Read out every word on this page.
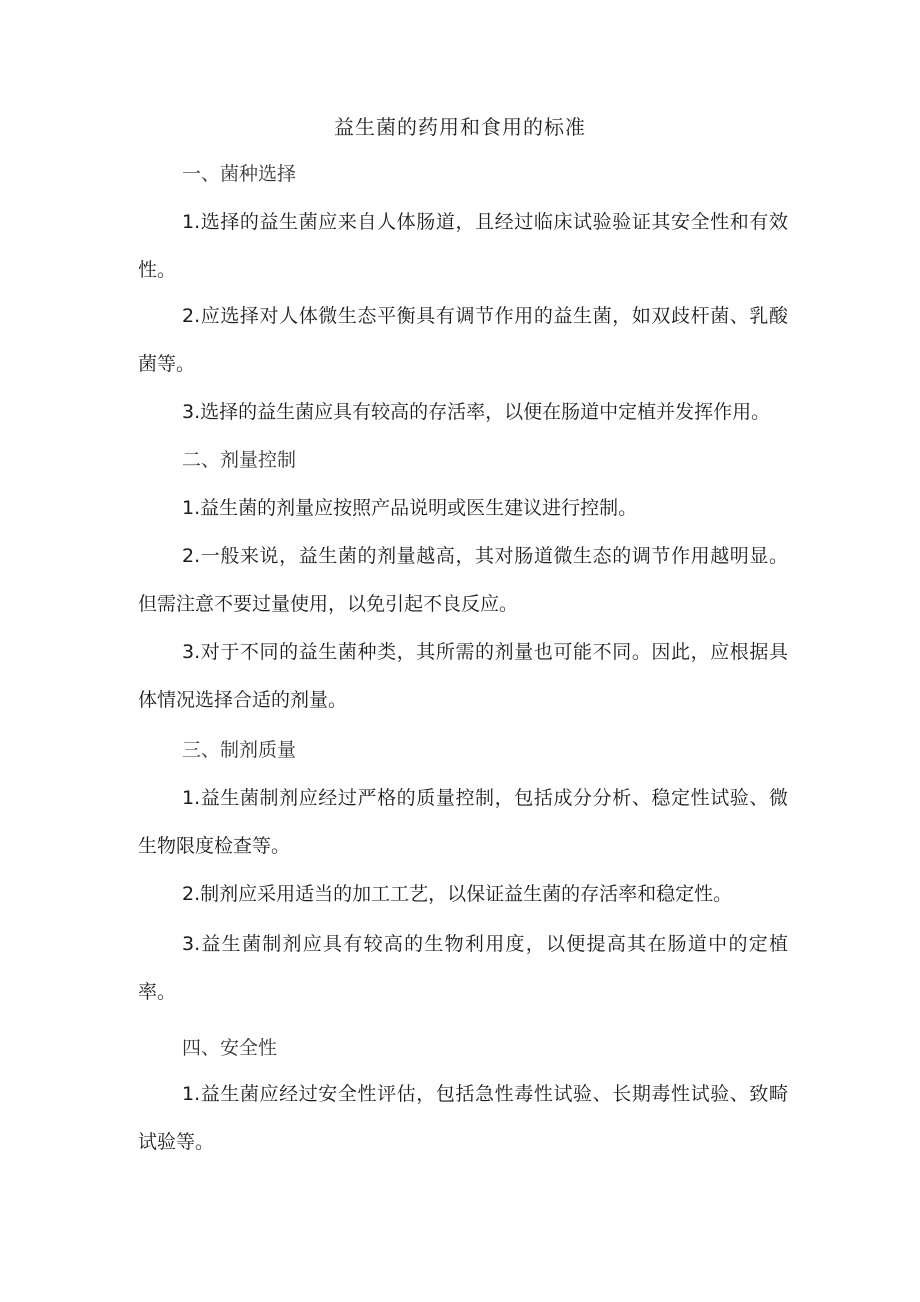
益生菌的药用和食用的标准

一、菌种选择

1.选择的益生菌应来自人体肠道，且经过临床试验验证其安全性和有效性。

2.应选择对人体微生态平衡具有调节作用的益生菌，如双歧杆菌、乳酸菌等。

3.选择的益生菌应具有较高的存活率，以便在肠道中定植并发挥作用。

二、剂量控制

1.益生菌的剂量应按照产品说明或医生建议进行控制。

2.一般来说，益生菌的剂量越高，其对肠道微生态的调节作用越明显。但需注意不要过量使用，以免引起不良反应。

3.对于不同的益生菌种类，其所需的剂量也可能不同。因此，应根据具体情况选择合适的剂量。

三、制剂质量

1.益生菌制剂应经过严格的质量控制，包括成分分析、稳定性试验、微生物限度检查等。

2.制剂应采用适当的加工工艺，以保证益生菌的存活率和稳定性。

3.益生菌制剂应具有较高的生物利用度，以便提高其在肠道中的定植率。

四、安全性

1.益生菌应经过安全性评估，包括急性毒性试验、长期毒性试验、致畸试验等。
